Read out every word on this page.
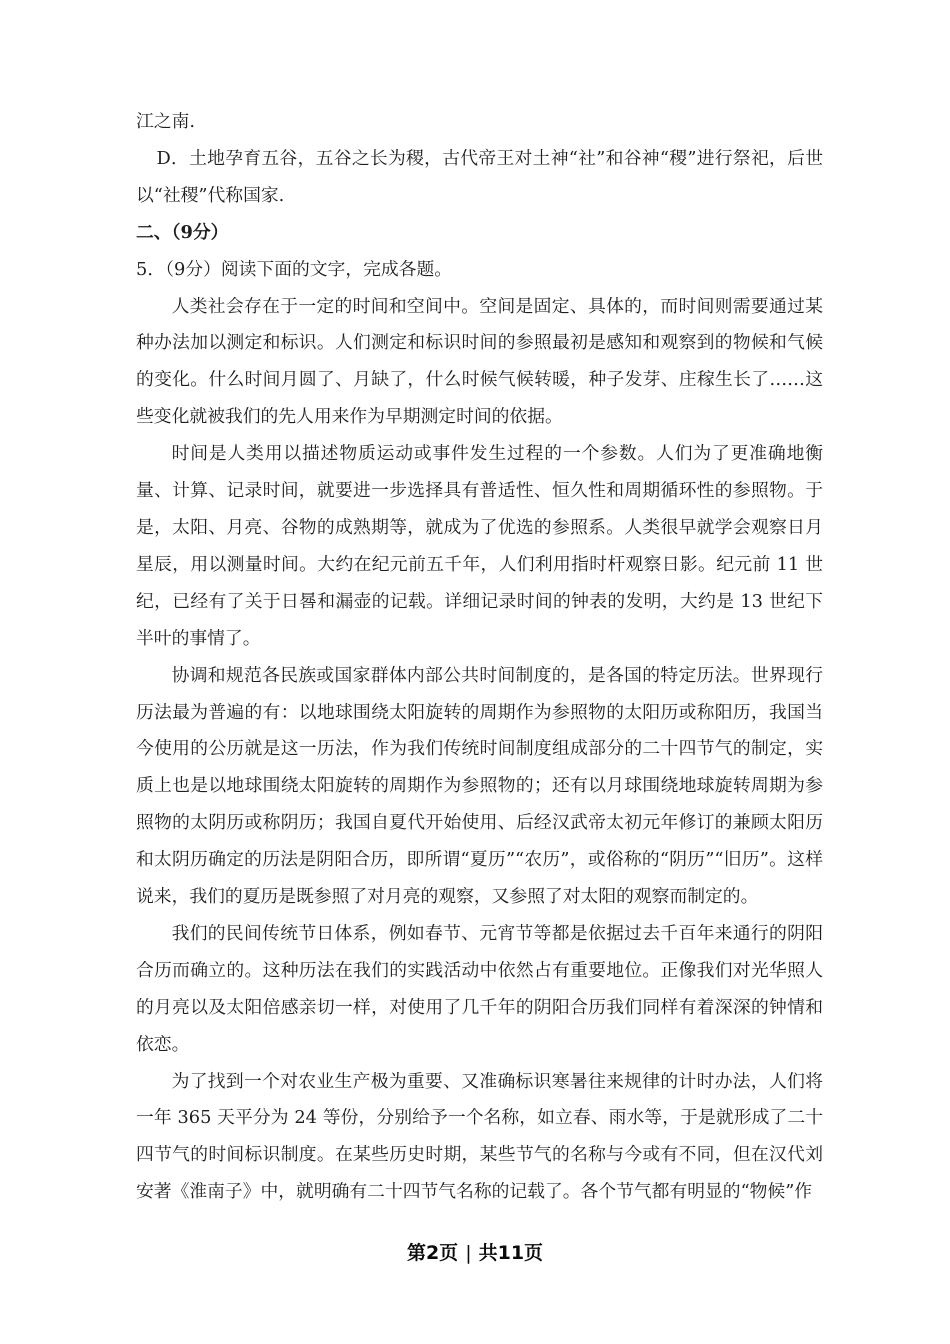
江之南.
D．土地孕育五谷，五谷之长为稷，古代帝王对土神“社”和谷神“稷”进行祭祀，后世以“社稷”代称国家.
二、（9分）
5．（9分）阅读下面的文字，完成各题。
人类社会存在于一定的时间和空间中。空间是固定、具体的，而时间则需要通过某种办法加以测定和标识。人们测定和标识时间的参照最初是感知和观察到的物候和气候的变化。什么时间月圆了、月缺了，什么时候气候转暖，种子发芽、庄稼生长了……这些变化就被我们的先人用来作为早期测定时间的依据。
时间是人类用以描述物质运动或事件发生过程的一个参数。人们为了更准确地衡量、计算、记录时间，就要进一步选择具有普适性、恒久性和周期循环性的参照物。于是，太阳、月亮、谷物的成熟期等，就成为了优选的参照系。人类很早就学会观察日月星辰，用以测量时间。大约在纪元前五千年，人们利用指时杆观察日影。纪元前 11 世纪，已经有了关于日晷和漏壶的记载。详细记录时间的钟表的发明，大约是 13 世纪下半叶的事情了。
协调和规范各民族或国家群体内部公共时间制度的，是各国的特定历法。世界现行历法最为普遍的有：以地球围绕太阳旋转的周期作为参照物的太阳历或称阳历，我国当今使用的公历就是这一历法，作为我们传统时间制度组成部分的二十四节气的制定，实质上也是以地球围绕太阳旋转的周期作为参照物的；还有以月球围绕地球旋转周期为参照物的太阴历或称阴历；我国自夏代开始使用、后经汉武帝太初元年修订的兼顾太阳历和太阴历确定的历法是阴阳合历，即所谓“夏历”“农历”，或俗称的“阴历”“旧历”。这样说来，我们的夏历是既参照了对月亮的观察，又参照了对太阳的观察而制定的。
我们的民间传统节日体系，例如春节、元宵节等都是依据过去千百年来通行的阴阳合历而确立的。这种历法在我们的实践活动中依然占有重要地位。正像我们对光华照人的月亮以及太阳倍感亲切一样，对使用了几千年的阴阳合历我们同样有着深深的钟情和依恋。
为了找到一个对农业生产极为重要、又准确标识寒暑往来规律的计时办法，人们将一年 365 天平分为 24 等份，分别给予一个名称，如立春、雨水等，于是就形成了二十四节气的时间标识制度。在某些历史时期，某些节气的名称与今或有不同，但在汉代刘安著《淮南子》中，就明确有二十四节气名称的记载了。各个节气都有明显的“物候”作
第2页 | 共11页
